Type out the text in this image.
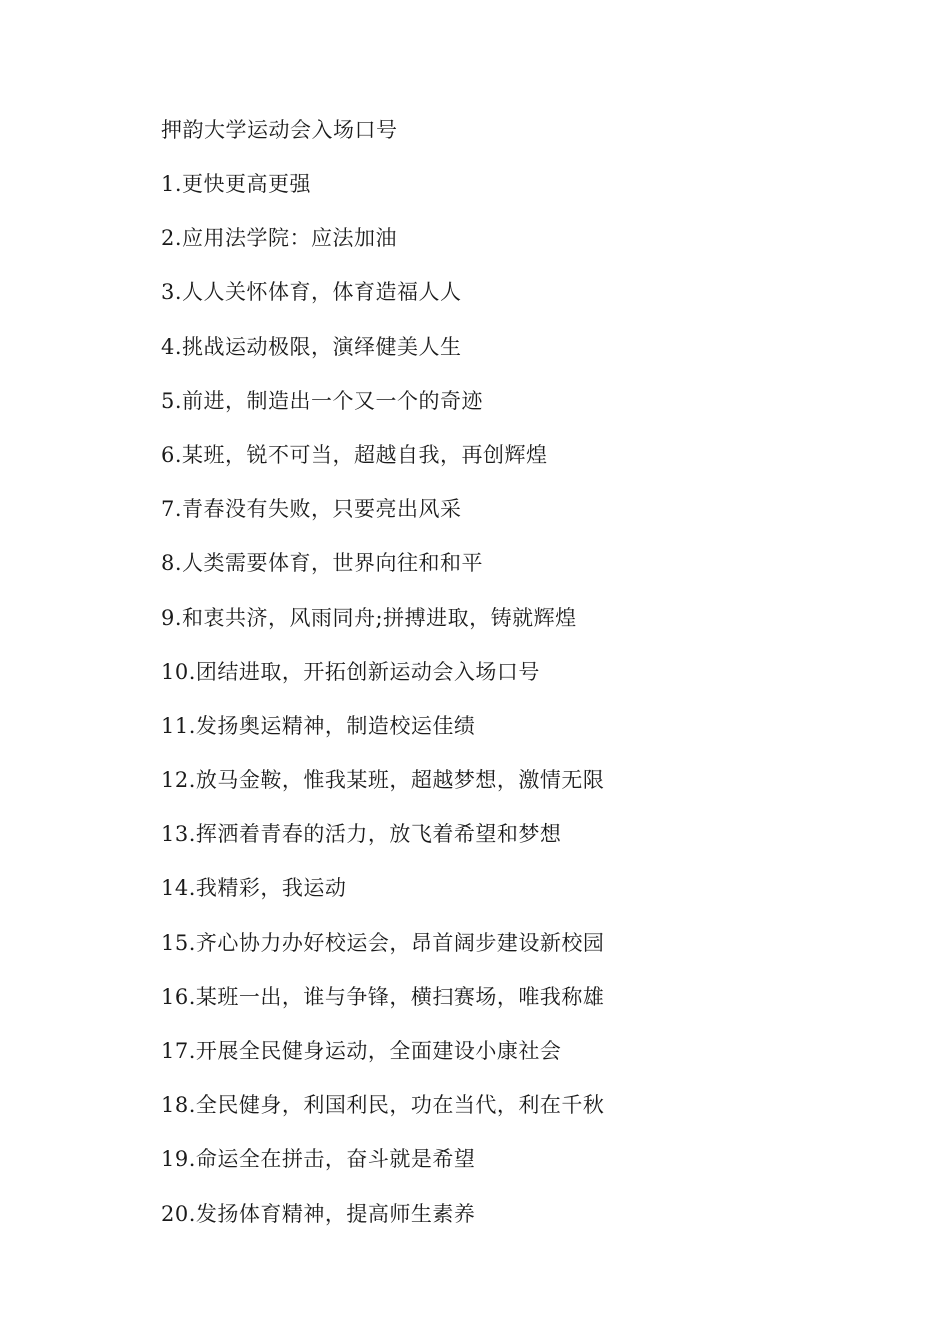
押韵大学运动会入场口号
1.更快更高更强
2.应用法学院：应法加油
3.人人关怀体育，体育造福人人
4.挑战运动极限，演绎健美人生
5.前进，制造出一个又一个的奇迹
6.某班，锐不可当，超越自我，再创辉煌
7.青春没有失败，只要亮出风采
8.人类需要体育，世界向往和和平
9.和衷共济，风雨同舟;拼搏进取，铸就辉煌
10.团结进取，开拓创新运动会入场口号
11.发扬奥运精神，制造校运佳绩
12.放马金鞍，惟我某班，超越梦想，激情无限
13.挥洒着青春的活力，放飞着希望和梦想
14.我精彩，我运动
15.齐心协力办好校运会，昂首阔步建设新校园
16.某班一出，谁与争锋，横扫赛场，唯我称雄
17.开展全民健身运动，全面建设小康社会
18.全民健身，利国利民，功在当代，利在千秋
19.命运全在拼击，奋斗就是希望
20.发扬体育精神，提高师生素养
